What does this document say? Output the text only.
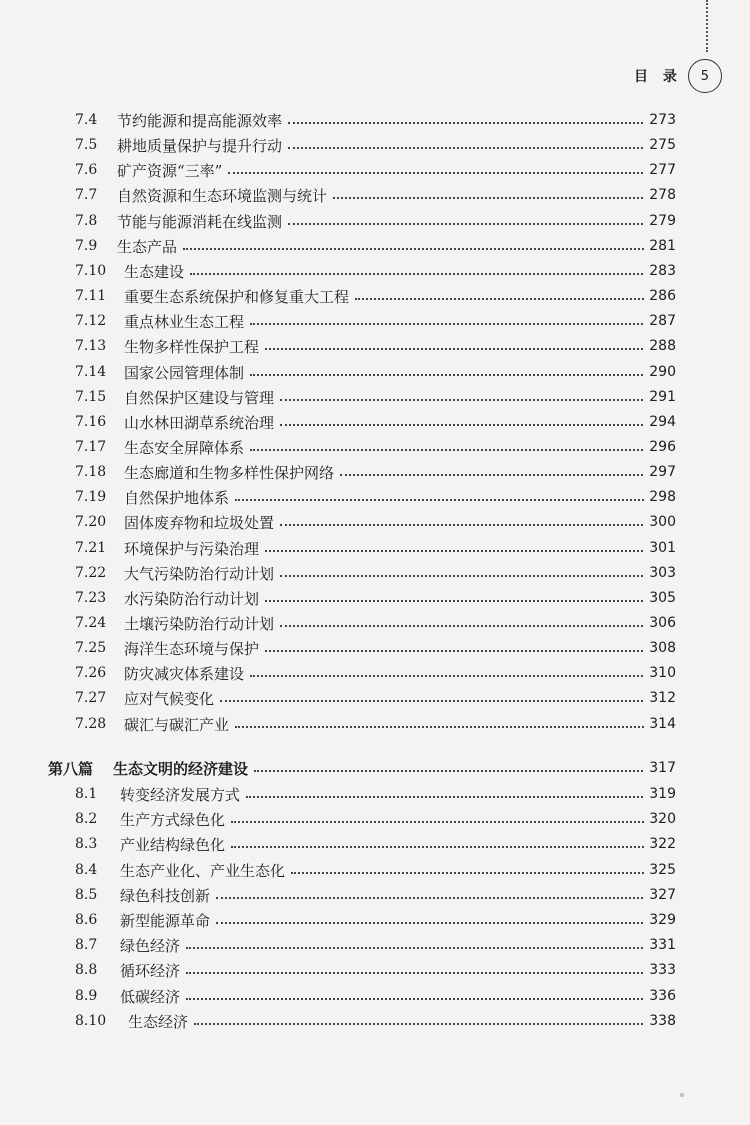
目 录	5
7.4 节约能源和提高能源效率	273
7.5 耕地质量保护与提升行动	275
7.6 矿产资源“三率”	277
7.7 自然资源和生态环境监测与统计	278
7.8 节能与能源消耗在线监测	279
7.9 生态产品	281
7.10 生态建设	283
7.11 重要生态系统保护和修复重大工程	286
7.12 重点林业生态工程	287
7.13 生物多样性保护工程	288
7.14 国家公园管理体制	290
7.15 自然保护区建设与管理	291
7.16 山水林田湖草系统治理	294
7.17 生态安全屏障体系	296
7.18 生态廊道和生物多样性保护网络	297
7.19 自然保护地体系	298
7.20 固体废弃物和垃圾处置	300
7.21 环境保护与污染治理	301
7.22 大气污染防治行动计划	303
7.23 水污染防治行动计划	305
7.24 土壤污染防治行动计划	306
7.25 海洋生态环境与保护	308
7.26 防灾减灾体系建设	310
7.27 应对气候变化	312
7.28 碳汇与碳汇产业	314
第八篇	生态文明的经济建设	317
8.1 转变经济发展方式	319
8.2 生产方式绿色化	320
8.3 产业结构绿色化	322
8.4 生态产业化、产业生态化	325
8.5 绿色科技创新	327
8.6 新型能源革命	329
8.7 绿色经济	331
8.8 循环经济	333
8.9 低碳经济	336
8.10 生态经济	338
